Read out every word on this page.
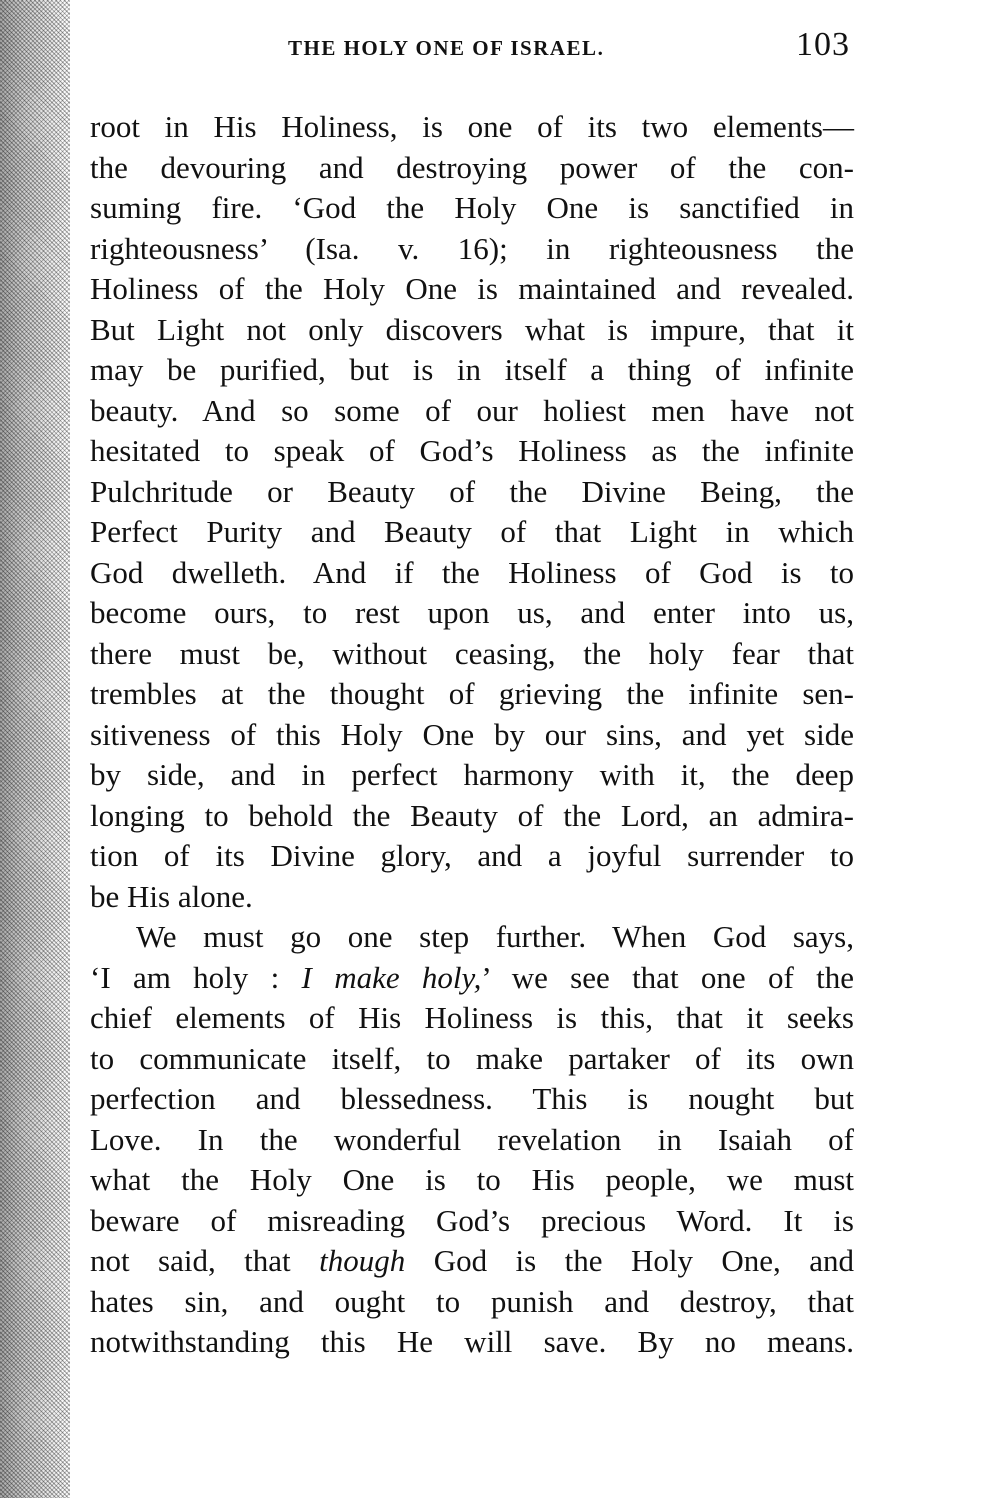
THE HOLY ONE OF ISRAEL.	103
root in His Holiness, is one of its two elements—
the devouring and destroying power of the con-
suming fire. ‘God the Holy One is sanctified in
righteousness’ (Isa. v. 16); in righteousness the
Holiness of the Holy One is maintained and revealed.
But Light not only discovers what is impure, that it
may be purified, but is in itself a thing of infinite
beauty. And so some of our holiest men have not
hesitated to speak of God’s Holiness as the infinite
Pulchritude or Beauty of the Divine Being, the
Perfect Purity and Beauty of that Light in which
God dwelleth. And if the Holiness of God is to
become ours, to rest upon us, and enter into us,
there must be, without ceasing, the holy fear that
trembles at the thought of grieving the infinite sen-
sitiveness of this Holy One by our sins, and yet side
by side, and in perfect harmony with it, the deep
longing to behold the Beauty of the Lord, an admira-
tion of its Divine glory, and a joyful surrender to
be His alone.
We must go one step further. When God says,
‘I am holy : I make holy,’ we see that one of the
chief elements of His Holiness is this, that it seeks
to communicate itself, to make partaker of its own
perfection and blessedness. This is nought but
Love. In the wonderful revelation in Isaiah of
what the Holy One is to His people, we must
beware of misreading God’s precious Word. It is
not said, that though God is the Holy One, and
hates sin, and ought to punish and destroy, that
notwithstanding this He will save. By no means.
